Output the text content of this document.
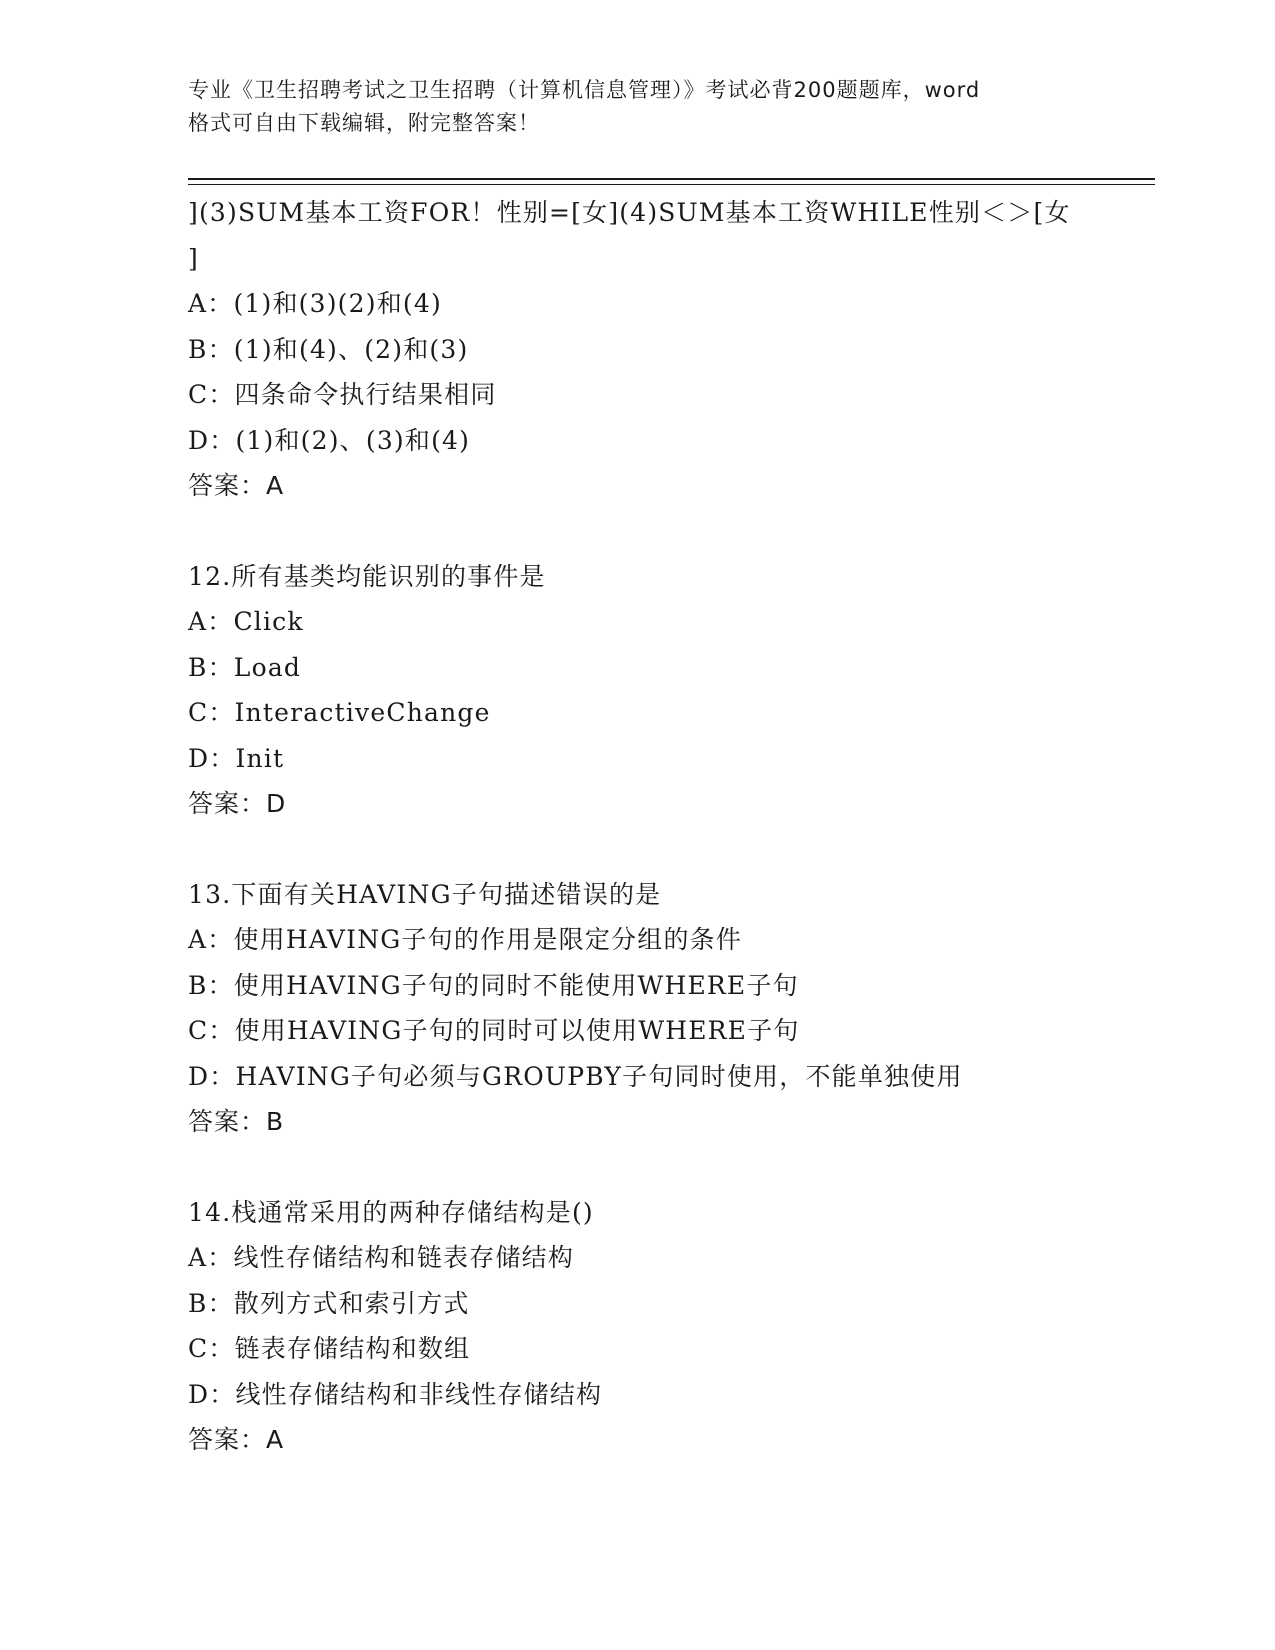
专业《卫生招聘考试之卫生招聘（计算机信息管理）》考试必背200题题库，word
格式可自由下载编辑，附完整答案！

](3)SUM基本工资FOR！性别=[女](4)SUM基本工资WHILE性别＜＞[女

]

A：(1)和(3)(2)和(4)

B：(1)和(4)、(2)和(3)

C：四条命令执行结果相同

D：(1)和(2)、(3)和(4)

答案：A

12.所有基类均能识别的事件是

A：Click

B：Load

C：InteractiveChange

D：Init

答案：D

13.下面有关HAVING子句描述错误的是

A：使用HAVING子句的作用是限定分组的条件

B：使用HAVING子句的同时不能使用WHERE子句

C：使用HAVING子句的同时可以使用WHERE子句

D：HAVING子句必须与GROUPBY子句同时使用，不能单独使用

答案：B

14.栈通常采用的两种存储结构是()

A：线性存储结构和链表存储结构

B：散列方式和索引方式

C：链表存储结构和数组

D：线性存储结构和非线性存储结构

答案：A
